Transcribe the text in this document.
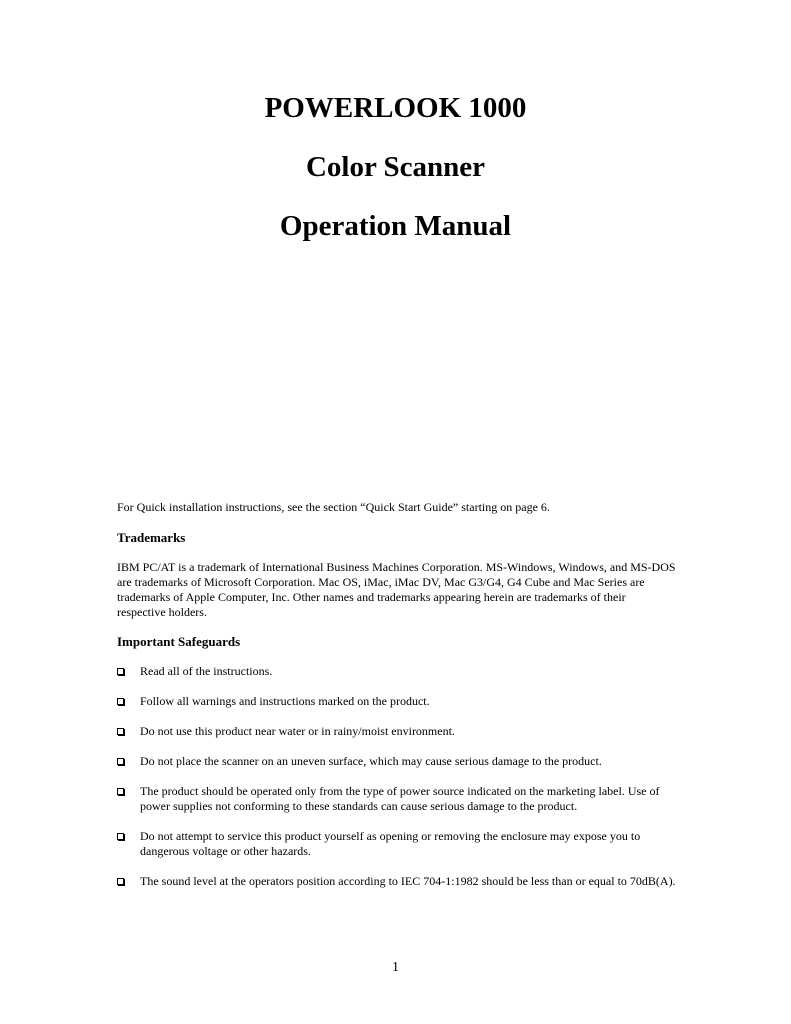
POWERLOOK 1000
Color Scanner
Operation Manual

For Quick installation instructions, see the section “Quick Start Guide” starting on page 6.

Trademarks

IBM PC/AT is a trademark of International Business Machines Corporation. MS-Windows, Windows, and MS-DOS are trademarks of Microsoft Corporation. Mac OS, iMac, iMac DV, Mac G3/G4, G4 Cube and Mac Series are trademarks of Apple Computer, Inc. Other names and trademarks appearing herein are trademarks of their respective holders.

Important Safeguards
Read all of the instructions.
Follow all warnings and instructions marked on the product.
Do not use this product near water or in rainy/moist environment.
Do not place the scanner on an uneven surface, which may cause serious damage to the product.
The product should be operated only from the type of power source indicated on the marketing label. Use of power supplies not conforming to these standards can cause serious damage to the product.
Do not attempt to service this product yourself as opening or removing the enclosure may expose you to dangerous voltage or other hazards.
The sound level at the operators position according to IEC 704-1:1982 should be less than or equal to 70dB(A).
1
